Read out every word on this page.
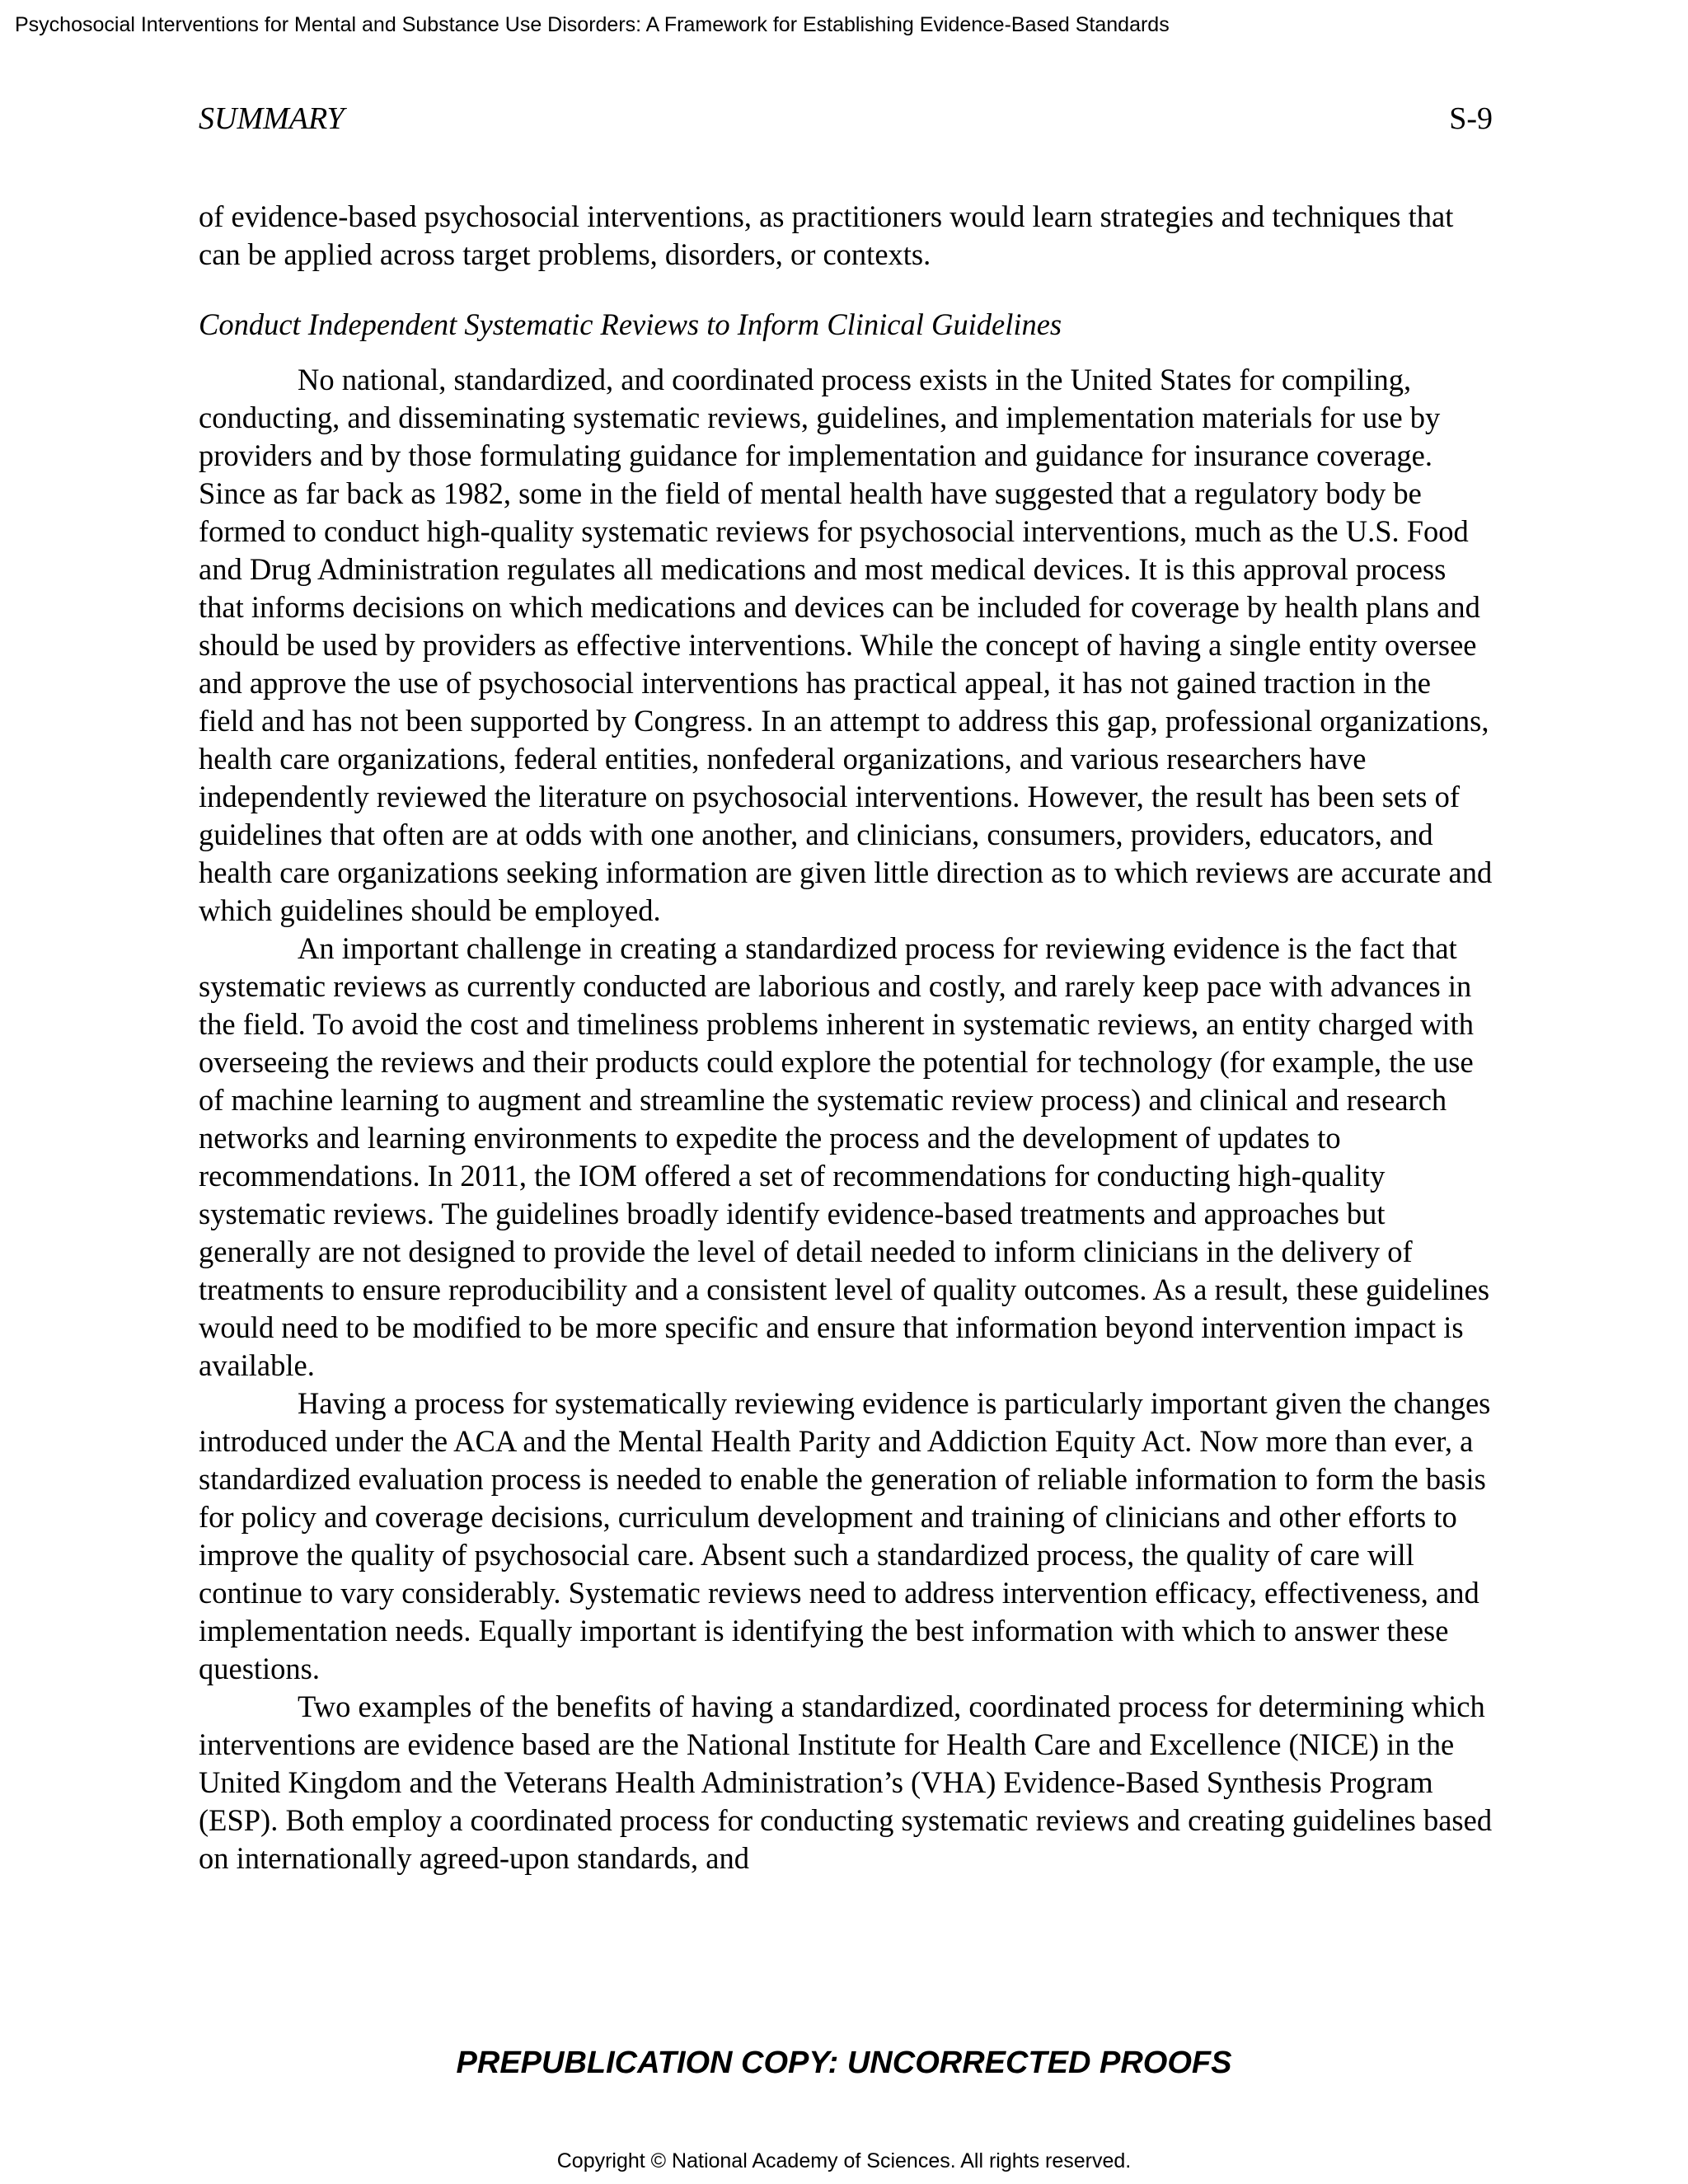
Psychosocial Interventions for Mental and Substance Use Disorders: A Framework for Establishing Evidence-Based Standards
SUMMARY	S-9

of evidence-based psychosocial interventions, as practitioners would learn strategies and techniques that can be applied across target problems, disorders, or contexts.

Conduct Independent Systematic Reviews to Inform Clinical Guidelines

No national, standardized, and coordinated process exists in the United States for compiling, conducting, and disseminating systematic reviews, guidelines, and implementation materials for use by providers and by those formulating guidance for implementation and guidance for insurance coverage. Since as far back as 1982, some in the field of mental health have suggested that a regulatory body be formed to conduct high-quality systematic reviews for psychosocial interventions, much as the U.S. Food and Drug Administration regulates all medications and most medical devices. It is this approval process that informs decisions on which medications and devices can be included for coverage by health plans and should be used by providers as effective interventions. While the concept of having a single entity oversee and approve the use of psychosocial interventions has practical appeal, it has not gained traction in the field and has not been supported by Congress. In an attempt to address this gap, professional organizations, health care organizations, federal entities, nonfederal organizations, and various researchers have independently reviewed the literature on psychosocial interventions. However, the result has been sets of guidelines that often are at odds with one another, and clinicians, consumers, providers, educators, and health care organizations seeking information are given little direction as to which reviews are accurate and which guidelines should be employed.

An important challenge in creating a standardized process for reviewing evidence is the fact that systematic reviews as currently conducted are laborious and costly, and rarely keep pace with advances in the field. To avoid the cost and timeliness problems inherent in systematic reviews, an entity charged with overseeing the reviews and their products could explore the potential for technology (for example, the use of machine learning to augment and streamline the systematic review process) and clinical and research networks and learning environments to expedite the process and the development of updates to recommendations. In 2011, the IOM offered a set of recommendations for conducting high-quality systematic reviews. The guidelines broadly identify evidence-based treatments and approaches but generally are not designed to provide the level of detail needed to inform clinicians in the delivery of treatments to ensure reproducibility and a consistent level of quality outcomes. As a result, these guidelines would need to be modified to be more specific and ensure that information beyond intervention impact is available.

Having a process for systematically reviewing evidence is particularly important given the changes introduced under the ACA and the Mental Health Parity and Addiction Equity Act. Now more than ever, a standardized evaluation process is needed to enable the generation of reliable information to form the basis for policy and coverage decisions, curriculum development and training of clinicians and other efforts to improve the quality of psychosocial care. Absent such a standardized process, the quality of care will continue to vary considerably. Systematic reviews need to address intervention efficacy, effectiveness, and implementation needs. Equally important is identifying the best information with which to answer these questions.

Two examples of the benefits of having a standardized, coordinated process for determining which interventions are evidence based are the National Institute for Health Care and Excellence (NICE) in the United Kingdom and the Veterans Health Administration’s (VHA) Evidence-Based Synthesis Program (ESP). Both employ a coordinated process for conducting systematic reviews and creating guidelines based on internationally agreed-upon standards, and

PREPUBLICATION COPY: UNCORRECTED PROOFS
Copyright © National Academy of Sciences. All rights reserved.
